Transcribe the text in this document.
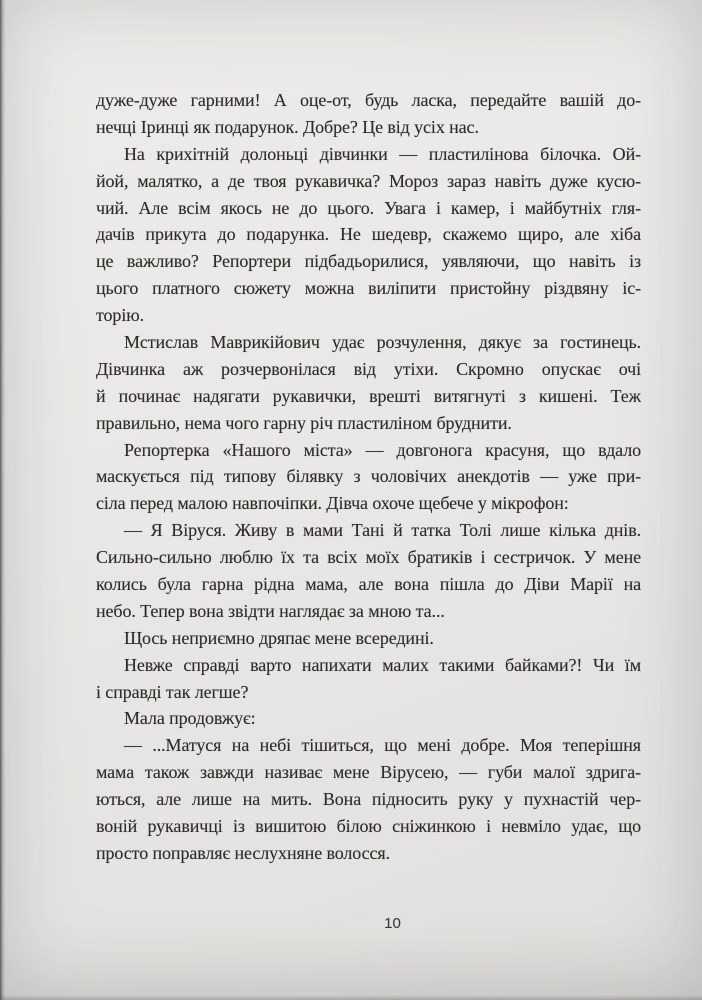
дуже-дуже гарними! А оце-от, будь ласка, передайте вашій до-
нечці Іринці як подарунок. Добре? Це від усіх нас.
На крихітній долоньці дівчинки — пластилінова білочка. Ой-
йой, малятко, а де твоя рукавичка? Мороз зараз навіть дуже кусю-
чий. Але всім якось не до цього. Увага і камер, і майбутніх гля-
дачів прикута до подарунка. Не шедевр, скажемо щиро, але хіба
це важливо? Репортери підбадьорилися, уявляючи, що навіть із
цього платного сюжету можна виліпити пристойну різдвяну іс-
торію.
Мстислав Маврикійович удає розчулення, дякує за гостинець.
Дівчинка аж розчервонілася від утіхи. Скромно опускає очі
й починає надягати рукавички, врешті витягнуті з кишені. Теж
правильно, нема чого гарну річ пластиліном бруднити.
Репортерка «Нашого міста» — довгонога красуня, що вдало
маскується під типову білявку з чоловічих анекдотів — уже при-
сіла перед малою навпочіпки. Дівча охоче щебече у мікрофон:
— Я Віруся. Живу в мами Тані й татка Толі лише кілька днів.
Сильно-сильно люблю їх та всіх моїх братиків і сестричок. У мене
колись була гарна рідна мама, але вона пішла до Діви Марії на
небо. Тепер вона звідти наглядає за мною та...
Щось неприємно дряпає мене всередині.
Невже справді варто напихати малих такими байками?! Чи їм
і справді так легше?
Мала продовжує:
— ...Матуся на небі тішиться, що мені добре. Моя теперішня
мама також завжди називає мене Вірусею, — губи малої здрига-
ються, але лише на мить. Вона підносить руку у пухнастій чер-
воній рукавичці із вишитою білою сніжинкою і невміло удає, що
просто поправляє неслухняне волосся.
10
